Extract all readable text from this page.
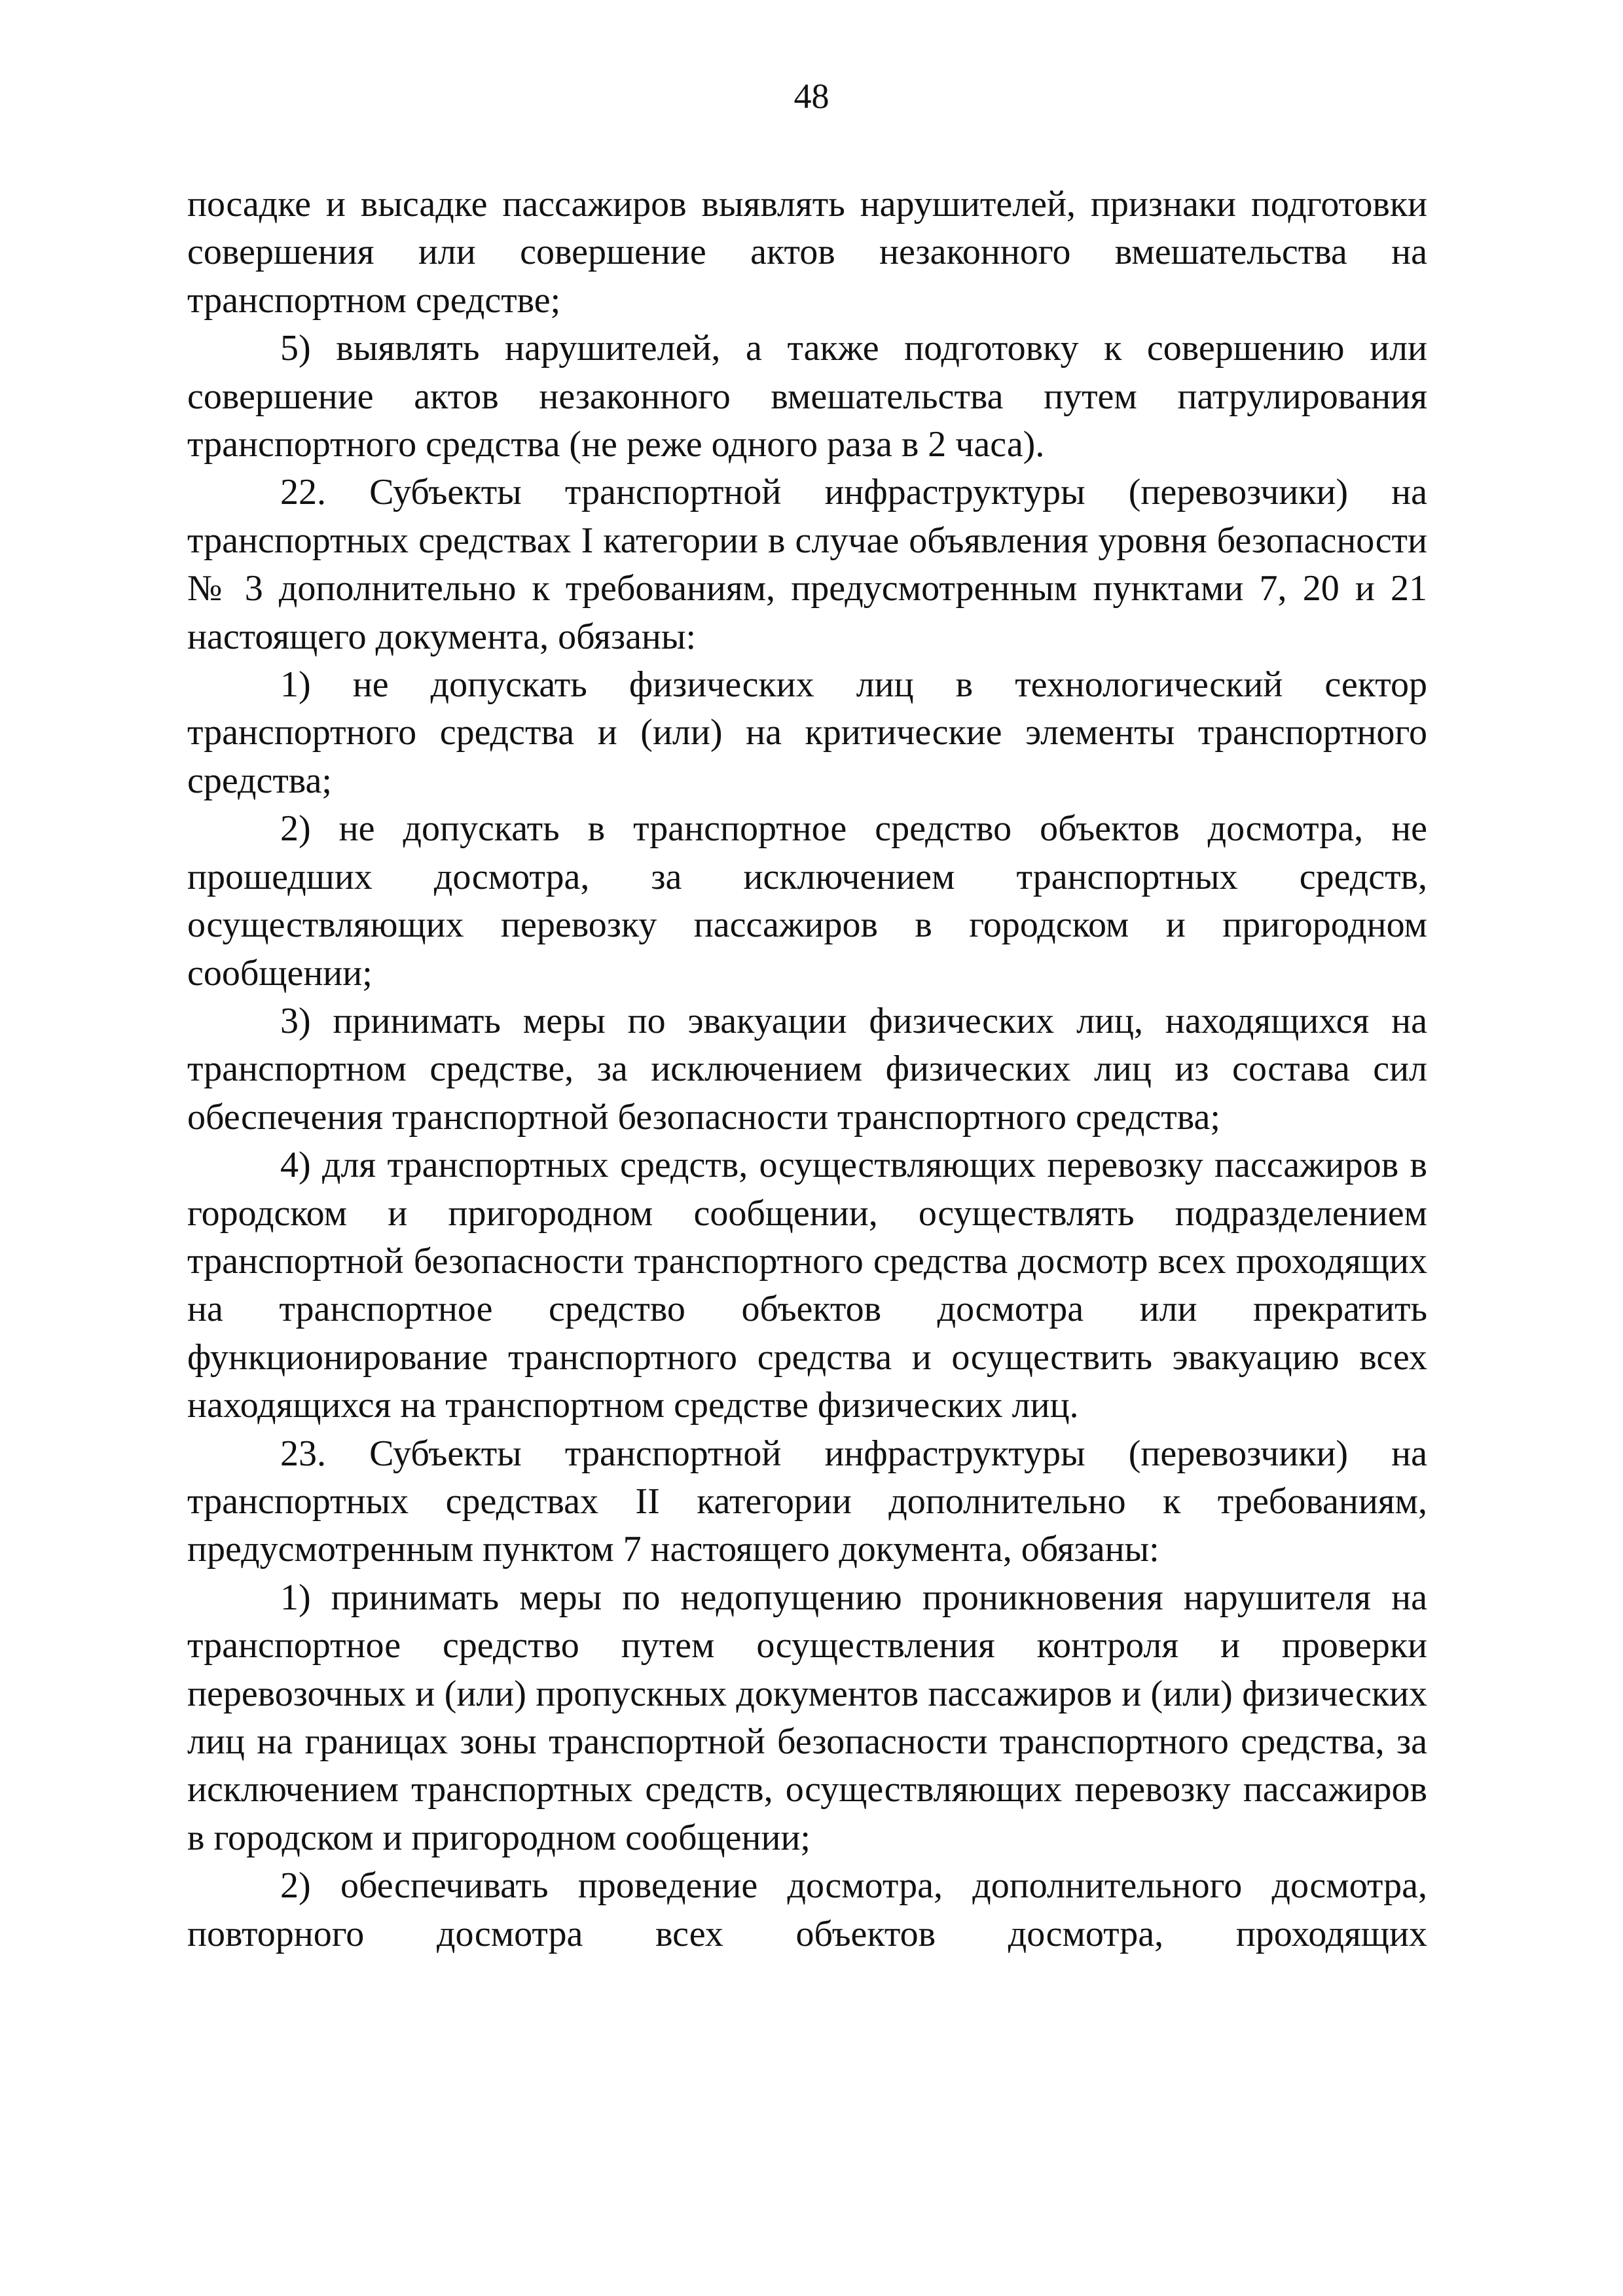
48

посадке и высадке пассажиров выявлять нарушителей, признаки подготовки совершения или совершение актов незаконного вмешательства на транспортном средстве;

5) выявлять нарушителей, а также подготовку к совершению или совершение актов незаконного вмешательства путем патрулирования транспортного средства (не реже одного раза в 2 часа).

22. Субъекты транспортной инфраструктуры (перевозчики) на транспортных средствах I категории в случае объявления уровня безопасности № 3 дополнительно к требованиям, предусмотренным пунктами 7, 20 и 21 настоящего документа, обязаны:

1) не допускать физических лиц в технологический сектор транспортного средства и (или) на критические элементы транспортного средства;

2) не допускать в транспортное средство объектов досмотра, не прошедших досмотра, за исключением транспортных средств, осуществляющих перевозку пассажиров в городском и пригородном сообщении;

3) принимать меры по эвакуации физических лиц, находящихся на транспортном средстве, за исключением физических лиц из состава сил обеспечения транспортной безопасности транспортного средства;

4) для транспортных средств, осуществляющих перевозку пассажиров в городском и пригородном сообщении, осуществлять подразделением транспортной безопасности транспортного средства досмотр всех проходящих на транспортное средство объектов досмотра или прекратить функционирование транспортного средства и осуществить эвакуацию всех находящихся на транспортном средстве физических лиц.

23. Субъекты транспортной инфраструктуры (перевозчики) на транспортных средствах II категории дополнительно к требованиям, предусмотренным пунктом 7 настоящего документа, обязаны:

1) принимать меры по недопущению проникновения нарушителя на транспортное средство путем осуществления контроля и проверки перевозочных и (или) пропускных документов пассажиров и (или) физических лиц на границах зоны транспортной безопасности транспортного средства, за исключением транспортных средств, осуществляющих перевозку пассажиров в городском и пригородном сообщении;

2) обеспечивать проведение досмотра, дополнительного досмотра, повторного досмотра всех объектов досмотра, проходящих
